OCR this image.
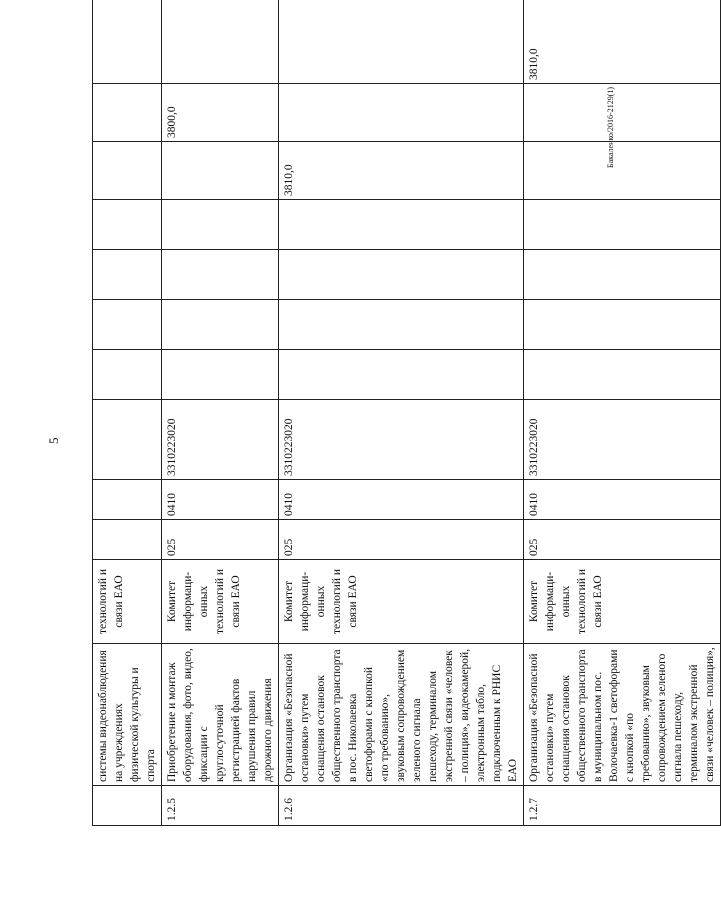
5
Бакаленко/2016-2129(1)
	системы видеонаблюдения на учреждениях физической культуры и спорта	технологий и связи ЕАО										
1.2.5	Приобретение и монтаж оборудования, фото, видео, фиксации с круглосуточной регистрацией фактов нарушения правил дорожного движения	Комитет информаци-онных технологий и связи ЕАО	025	0410	3310223020						3800,0	
1.2.6	Организация «Безопасной остановки» путем оснащения остановок общественного транспорта в пос. Николаевка светофорами с кнопкой «по требованию», звуковым сопровождением зеленого сигнала пешеходу, терминалом экстренной связи «человек – полиция», видеокамерой, электронным табло, подключенным к РНИС ЕАО	Комитет информаци-онных технологий и связи ЕАО	025	0410	3310223020					3810,0		
1.2.7	Организация «Безопасной остановки» путем оснащения остановок общественного транспорта в муниципальном пос. Волочаевка-1 светофорами с кнопкой «по требованию», звуковым сопровождением зеленого сигнала пешеходу, терминалом экстренной связи «человек – полиция»,	Комитет информаци-онных технологий и связи ЕАО	025	0410	3310223020							3810,0
